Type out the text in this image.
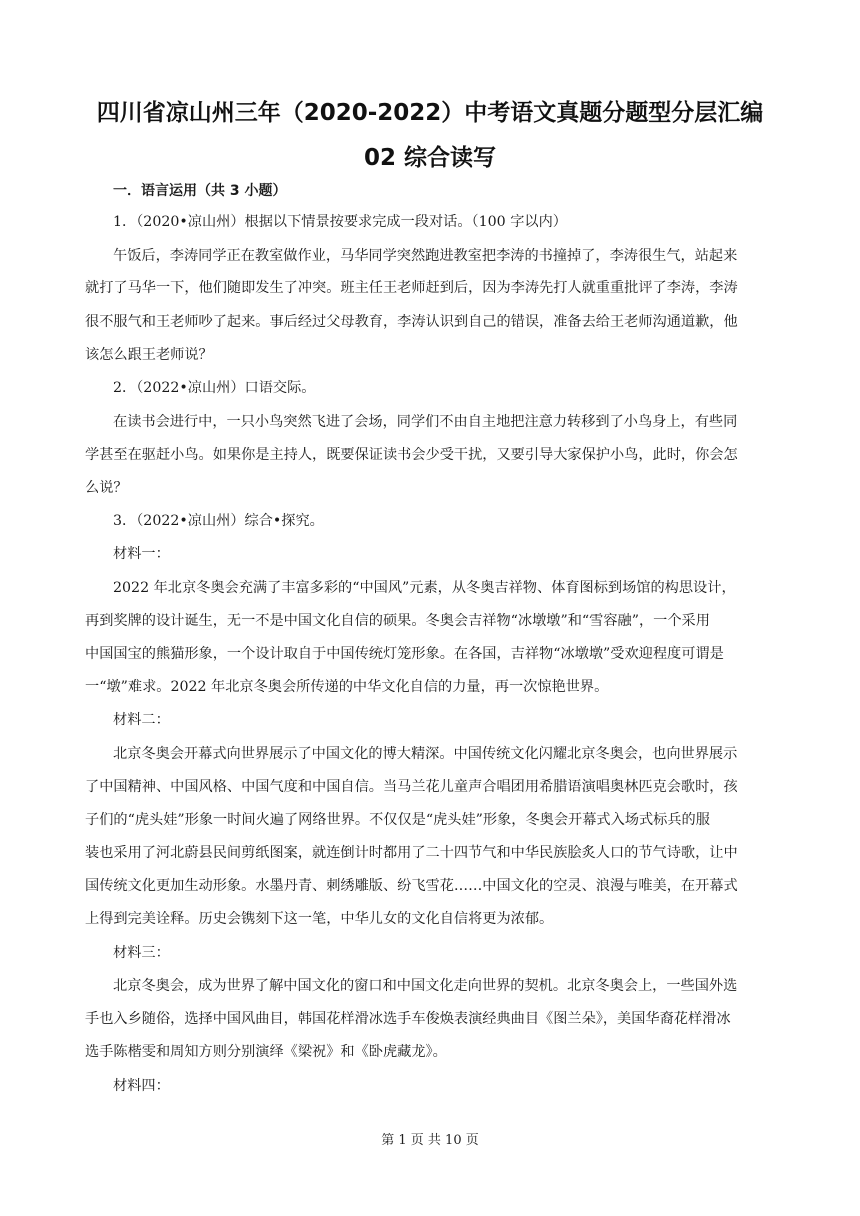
四川省凉山州三年（2020-2022）中考语文真题分题型分层汇编
02 综合读写
一．语言运用（共 3 小题）
1．（2020•凉山州）根据以下情景按要求完成一段对话。（100 字以内）
午饭后，李涛同学正在教室做作业，马华同学突然跑进教室把李涛的书撞掉了，李涛很生气，站起来
就打了马华一下，他们随即发生了冲突。班主任王老师赶到后，因为李涛先打人就重重批评了李涛，李涛
很不服气和王老师吵了起来。事后经过父母教育，李涛认识到自己的错误，准备去给王老师沟通道歉，他
该怎么跟王老师说？
2．（2022•凉山州）口语交际。
在读书会进行中，一只小鸟突然飞进了会场，同学们不由自主地把注意力转移到了小鸟身上，有些同
学甚至在驱赶小鸟。如果你是主持人，既要保证读书会少受干扰，又要引导大家保护小鸟，此时，你会怎
么说？
3．（2022•凉山州）综合•探究。
材料一：
2022 年北京冬奥会充满了丰富多彩的“中国风”元素，从冬奥吉祥物、体育图标到场馆的构思设计，
再到奖牌的设计诞生，无一不是中国文化自信的硕果。冬奥会吉祥物“冰墩墩”和“雪容融”，一个采用
中国国宝的熊猫形象，一个设计取自于中国传统灯笼形象。在各国，吉祥物“冰墩墩”受欢迎程度可谓是
一“墩”难求。2022 年北京冬奥会所传递的中华文化自信的力量，再一次惊艳世界。
材料二：
北京冬奥会开幕式向世界展示了中国文化的博大精深。中国传统文化闪耀北京冬奥会，也向世界展示
了中国精神、中国风格、中国气度和中国自信。当马兰花儿童声合唱团用希腊语演唱奥林匹克会歌时，孩
子们的“虎头娃”形象一时间火遍了网络世界。不仅仅是“虎头娃”形象，冬奥会开幕式入场式标兵的服
装也采用了河北蔚县民间剪纸图案，就连倒计时都用了二十四节气和中华民族脍炙人口的节气诗歌，让中
国传统文化更加生动形象。水墨丹青、刺绣雕版、纷飞雪花……中国文化的空灵、浪漫与唯美，在开幕式
上得到完美诠释。历史会镌刻下这一笔，中华儿女的文化自信将更为浓郁。
材料三：
北京冬奥会，成为世界了解中国文化的窗口和中国文化走向世界的契机。北京冬奥会上，一些国外选
手也入乡随俗，选择中国风曲目，韩国花样滑冰选手车俊焕表演经典曲目《图兰朵》，美国华裔花样滑冰
选手陈楷雯和周知方则分别演绎《梁祝》和《卧虎藏龙》。
材料四：
第 1 页 共 10 页
